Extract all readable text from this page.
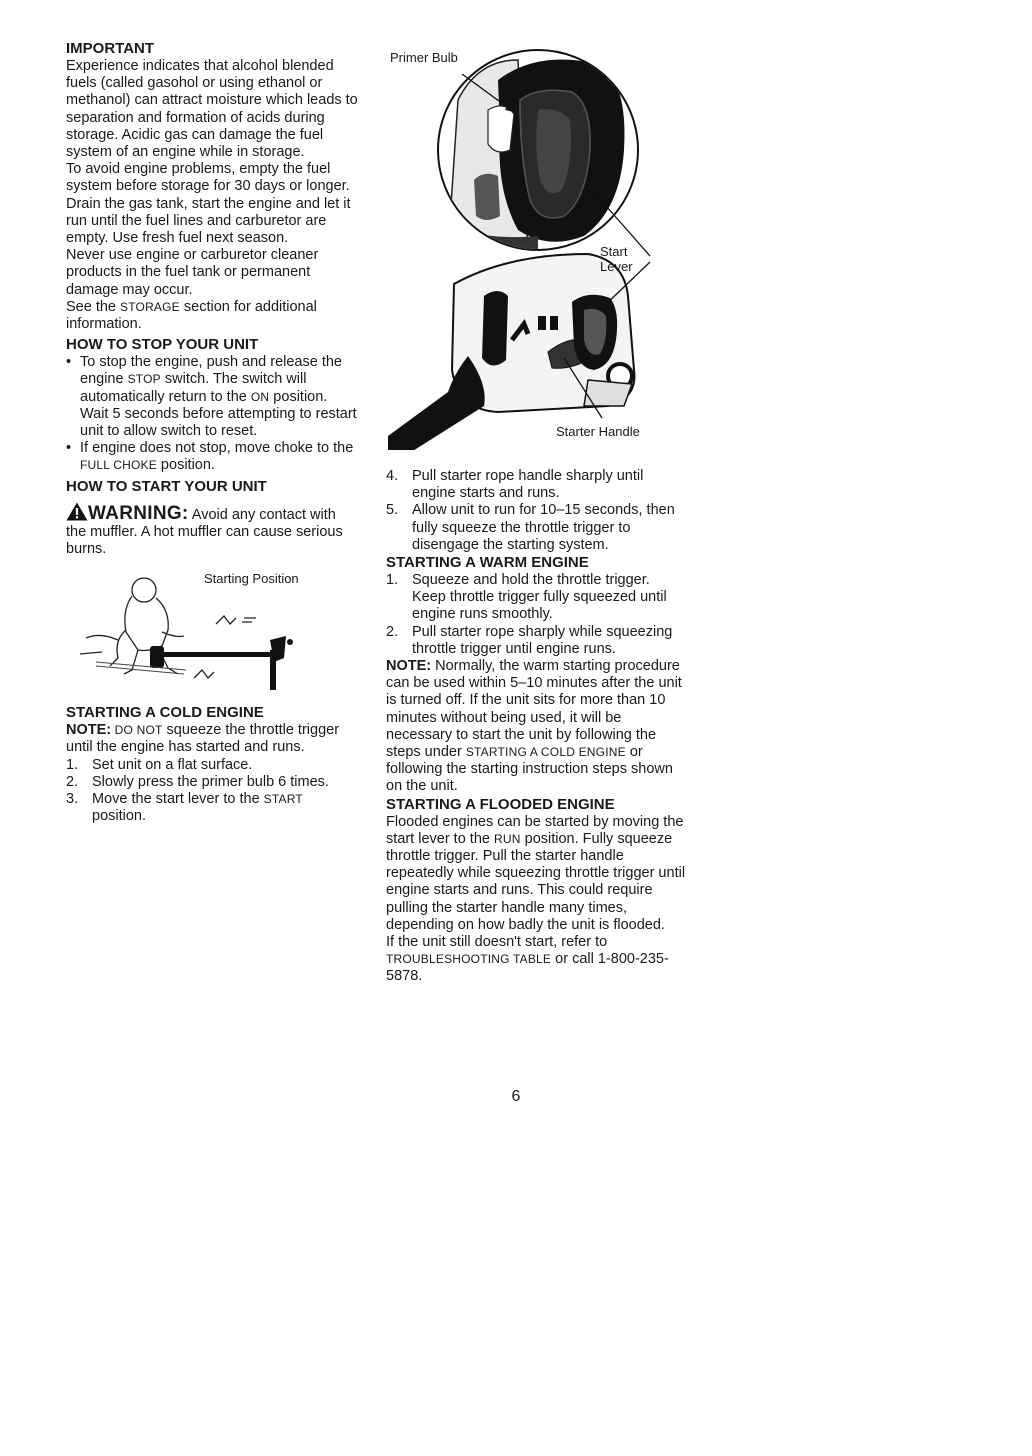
IMPORTANT

Experience indicates that alcohol blended fuels (called gasohol or using ethanol or methanol) can attract moisture which leads to separation and formation of acids during storage. Acidic gas can damage the fuel system of an engine while in storage.

To avoid engine problems, empty the fuel system before storage for 30 days or longer. Drain the gas tank, start the engine and let it run until the fuel lines and carburetor are empty. Use fresh fuel next season.

Never use engine or carburetor cleaner products in the fuel tank or permanent damage may occur.

See the STORAGE section for additional information.

HOW TO STOP YOUR UNIT

• To stop the engine, push and release the engine STOP switch. The switch will automatically return to the ON position. Wait 5 seconds before attempting to restart unit to allow switch to reset.
• If engine does not stop, move choke to the FULL CHOKE position.

HOW TO START YOUR UNIT

WARNING: Avoid any contact with the muffler. A hot muffler can cause serious burns.

Starting Position

STARTING A COLD ENGINE

NOTE: DO NOT squeeze the throttle trigger until the engine has started and runs.

1. Set unit on a flat surface.
2. Slowly press the primer bulb 6 times.
3. Move the start lever to the START position.
Primer Bulb
Start
Lever
Starter Handle
4. Pull starter rope handle sharply until engine starts and runs.
5. Allow unit to run for 10–15 seconds, then fully squeeze the throttle trigger to disengage the starting system.

STARTING A WARM ENGINE

1. Squeeze and hold the throttle trigger. Keep throttle trigger fully squeezed until engine runs smoothly.
2. Pull starter rope sharply while squeezing throttle trigger until engine runs.

NOTE: Normally, the warm starting procedure can be used within 5–10 minutes after the unit is turned off. If the unit sits for more than 10 minutes without being used, it will be necessary to start the unit by following the steps under STARTING A COLD ENGINE or following the starting instruction steps shown on the unit.

STARTING A FLOODED ENGINE

Flooded engines can be started by moving the start lever to the RUN position. Fully squeeze throttle trigger. Pull the starter handle repeatedly while squeezing throttle trigger until engine starts and runs. This could require pulling the starter handle many times, depending on how badly the unit is flooded.

If the unit still doesn't start, refer to TROUBLESHOOTING TABLE or call 1-800-235-5878.

6
